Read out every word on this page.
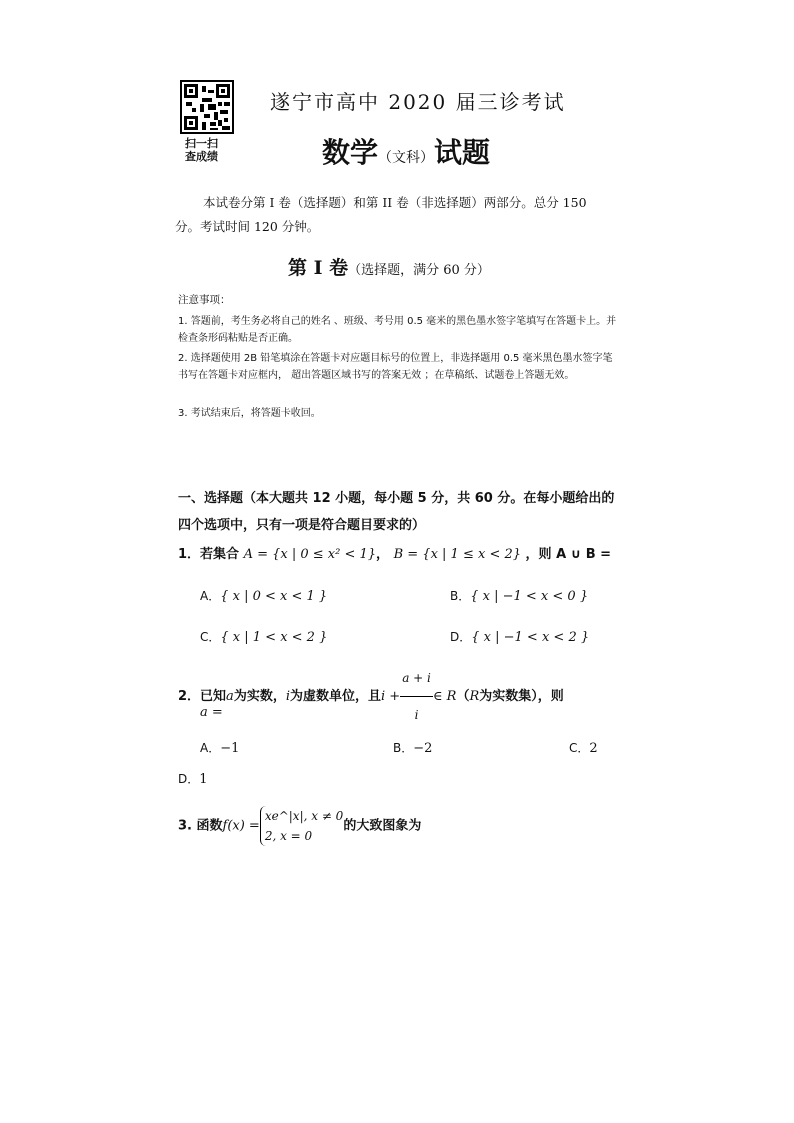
扫一扫
查成绩
遂宁市高中 2020 届三诊考试
数学（文科）试题
本试卷分第 I 卷（选择题）和第 II 卷（非选择题）两部分。总分 150 分。考试时间 120 分钟。
第 Ⅰ 卷（选择题，满分 60 分）
注意事项：
1. 答题前，考生务必将自己的姓名 、班级、考号用 0.5 毫米的黑色墨水签字笔填写在答题卡上。并检查条形码粘贴是否正确。
2. 选择题使用 2B 铅笔填涂在答题卡对应题目标号的位置上，非选择题用 0.5 毫米黑色墨水签字笔书写在答题卡对应框内， 超出答题区域书写的答案无效 ；在草稿纸、试题卷上答题无效。
3. 考试结束后，将答题卡收回。
一、选择题（本大题共 12 小题，每小题 5 分，共 60 分。在每小题给出的四个选项中，只有一项是符合题目要求的）
1．若集合 A = {x | 0 ≤ x² < 1}， B = {x | 1 ≤ x < 2} ，则 A ∪ B =
A．{ x | 0 < x < 1 }	B．{ x | −1 < x < 0 }
C．{ x | 1 < x < 2 }	D．{ x | −1 < x < 2 }
2．已知a为实数，i为虚数单位，且$i + \frac{a + i}{i}$ ∈ R（R为实数集），则
a =
A．−1	B．−2	C．2
D．1
3. 函数f(x) =
xe^|x|, x ≠ 0
2, x = 0
的大致图象为
